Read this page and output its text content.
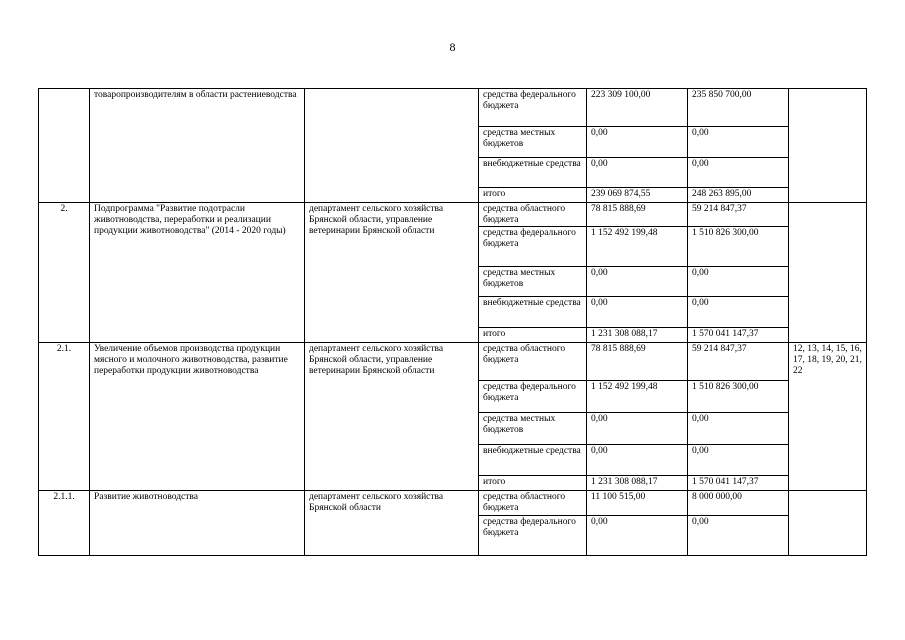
8
	товаропроизводителям в области растениеводства		средства федерального бюджета	223 309 100,00	235 850 700,00	
			средства местных бюджетов	0,00	0,00	
			внебюджетные средства	0,00	0,00	
			итого	239 069 874,55	248 263 895,00	
2.	Подпрограмма "Развитие подотрасли животноводства, переработки и реализации продукции животноводства" (2014 - 2020 годы)	департамент сельского хозяйства Брянской области, управление ветеринарии Брянской области	средства областного бюджета	78 815 888,69	59 214 847,37	
			средства федерального бюджета	1 152 492 199,48	1 510 826 300,00	
			средства местных бюджетов	0,00	0,00	
			внебюджетные средства	0,00	0,00	
			итого	1 231 308 088,17	1 570 041 147,37	
2.1.	Увеличение объемов производства продукции мясного и молочного животноводства, развитие переработки продукции животноводства	департамент сельского хозяйства Брянской области, управление ветеринарии Брянской области	средства областного бюджета	78 815 888,69	59 214 847,37	12, 13, 14, 15, 16, 17, 18, 19, 20, 21, 22
			средства федерального бюджета	1 152 492 199,48	1 510 826 300,00	
			средства местных бюджетов	0,00	0,00	
			внебюджетные средства	0,00	0,00	
			итого	1 231 308 088,17	1 570 041 147,37	
2.1.1.	Развитие животноводства	департамент сельского хозяйства Брянской области	средства областного бюджета	11 100 515,00	8 000 000,00	
			средства федерального бюджета	0,00	0,00	
